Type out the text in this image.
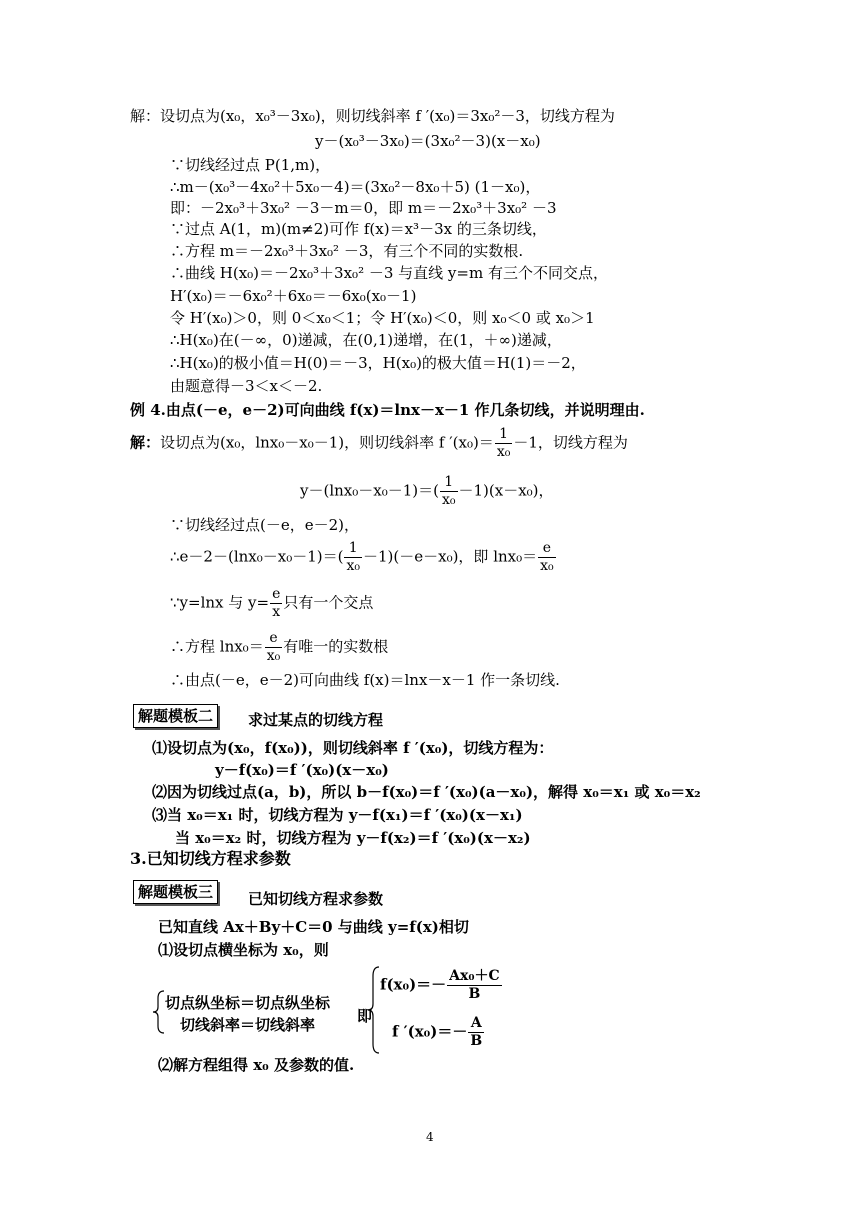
解：设切点为(x₀，x₀³－3x₀)，则切线斜率 f ′(x₀)＝3x₀²－3，切线方程为
y－(x₀³－3x₀)＝(3x₀²－3)(x－x₀)
∵切线经过点 P(1,m)，
∴m－(x₀³－4x₀²＋5x₀－4)＝(3x₀²－8x₀＋5) (1－x₀)，
即：－2x₀³＋3x₀² －3－m＝0，即 m＝－2x₀³＋3x₀² －3
∵过点 A(1，m)(m≠2)可作 f(x)＝x³－3x 的三条切线，
∴方程 m＝－2x₀³＋3x₀² －3，有三个不同的实数根.
∴曲线 H(x₀)＝－2x₀³＋3x₀² －3 与直线 y=m 有三个不同交点，
H′(x₀)＝－6x₀²＋6x₀＝－6x₀(x₀－1)
令 H′(x₀)＞0，则 0＜x₀＜1；令 H′(x₀)＜0，则 x₀＜0 或 x₀＞1
∴H(x₀)在(－∞，0)递减，在(0,1)递增，在(1，＋∞)递减，
∴H(x₀)的极小值＝H(0)＝－3，H(x₀)的极大值＝H(1)＝－2，
由题意得－3＜x＜－2.
例 4.由点(－e，e－2)可向曲线 f(x)＝lnx－x－1 作几条切线，并说明理由.
解：设切点为(x₀，lnx₀－x₀－1)，则切线斜率 f $'(x_0)= \frac{1}{\text{x₀}} -1$，切线方程为
$y-(\ln x_0-x_0-1)=( \frac{1}{\text{x₀}} -1)(x-x_0)$，
∵切线经过点(－e，e－2)，
∴e－2－(lnx₀－x₀－1)＝( $\frac{1}{\text{x₀}} -1)(-e-x_0)$，即 $\ln x_0= \frac{e}{\text{x₀}}$
∵y=lnx 与 $y= \frac{e}{x}$ 只有一个交点
∴方程 $\ln x_0= \frac{e}{\text{x₀}}$ 有唯一的实数根
∴由点(－e，e－2)可向曲线 f(x)＝lnx－x－1 作一条切线.
解题模板二	求过某点的切线方程
⑴设切点为(x₀，f(x₀))，则切线斜率 f ′(x₀)，切线方程为：
y－f(x₀)＝f ′(x₀)(x－x₀)
⑵因为切线过点(a，b)，所以 b－f(x₀)＝f ′(x₀)(a－x₀)，解得 x₀＝x₁ 或 x₀＝x₂
⑶当 x₀＝x₁ 时，切线方程为 y－f(x₁)＝f ′(x₀)(x－x₁)
当 x₀＝x₂ 时，切线方程为 y－f(x₂)＝f ′(x₀)(x－x₂)
3.已知切线方程求参数
解题模板三	已知切线方程求参数
已知直线 Ax＋By＋C＝0 与曲线 y=f(x)相切
⑴设切点横坐标为 x₀，则
切点纵坐标＝切点纵坐标
切线斜率＝切线斜率	即
$f(x_0)=- \frac{\text{Ax₀＋C}}{B}$
f $'(x_0)=- \frac{A}{B}$
⑵解方程组得 x₀ 及参数的值.
4
